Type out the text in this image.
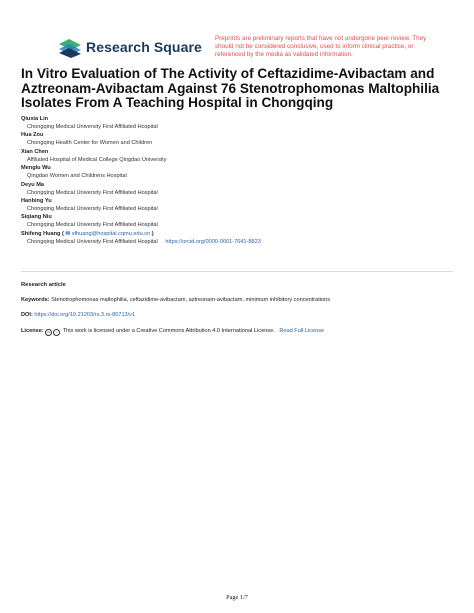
Research Square
Preprints are preliminary reports that have not undergone peer review. They should not be considered conclusive, used to inform clinical practice, or referenced by the media as validated information.
In Vitro Evaluation of The Activity of Ceftazidime-Avibactam and Aztreonam-Avibactam Against 76 Stenotrophomonas Maltophilia Isolates From A Teaching Hospital in Chongqing
Qiuxia Lin
Chongqing Medical University First Affiliated Hospital
Hua Zou
Chongqing Health Center for Women and Children
Xian Chen
Affiliated Hospital of Medical College Qingdao University
Menglu Wu
Qingdao Women and Childrens Hospital
Deyu Ma
Chongqing Medical University First Affiliated Hospital
Hanbing Yu
Chongqing Medical University First Affiliated Hospital
Siqiang Niu
Chongqing Medical University First Affiliated Hospital
Shifeng Huang ( ✉ sfhuang@hospital.cqmu.edu.cn )
Chongqing Medical University First Affiliated Hospital https://orcid.org/0000-0001-7641-8823
Research article
Keywords: Stenotrophomonas maltophilia, ceftazidime-avibactam, aztreonam-avibactam, minimum inhibitory concentrations
DOI: https://doi.org/10.21203/rs.3.rs-80713/v1
License: cc i This work is licensed under a Creative Commons Attribution 4.0 International License. Read Full License
Page 1/7
